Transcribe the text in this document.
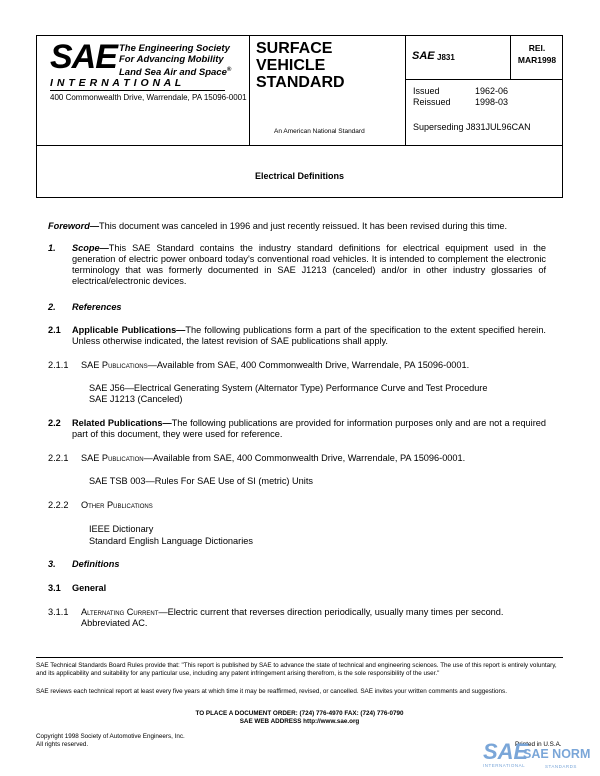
SAE The Engineering Society
For Advancing Mobility
Land Sea Air and Space®
I N T E R N A T I O N A L
400 Commonwealth Drive, Warrendale, PA 15096-0001
SURFACE
VEHICLE
STANDARD
An American National Standard
SAE J831
REI.
MAR1998
Issued	1962-06
Reissued	1998-03
Superseding J831JUL96CAN
Electrical Definitions
Foreword—This document was canceled in 1996 and just recently reissued. It has been revised during this time.
1. Scope—This SAE Standard contains the industry standard definitions for electrical equipment used in the generation of electric power onboard today's conventional road vehicles. It is intended to complement the electronic terminology that was formerly documented in SAE J1213 (canceled) and/or in other industry glossaries of electrical/electronic devices.
2. References
2.1 Applicable Publications—The following publications form a part of the specification to the extent specified herein. Unless otherwise indicated, the latest revision of SAE publications shall apply.
2.1.1 SAE Publications—Available from SAE, 400 Commonwealth Drive, Warrendale, PA 15096-0001.
SAE J56—Electrical Generating System (Alternator Type) Performance Curve and Test Procedure
SAE J1213 (Canceled)
2.2 Related Publications—The following publications are provided for information purposes only and are not a required part of this document, they were used for reference.
2.2.1 SAE Publication—Available from SAE, 400 Commonwealth Drive, Warrendale, PA 15096-0001.
SAE TSB 003—Rules For SAE Use of SI (metric) Units
2.2.2 Other Publications
IEEE Dictionary
Standard English Language Dictionaries
3. Definitions
3.1 General
3.1.1 Alternating Current—Electric current that reverses direction periodically, usually many times per second. Abbreviated AC.
SAE Technical Standards Board Rules provide that: "This report is published by SAE to advance the state of technical and engineering sciences. The use of this report is entirely voluntary, and its applicability and suitability for any particular use, including any patent infringement arising therefrom, is the sole responsibility of the user."
SAE reviews each technical report at least every five years at which time it may be reaffirmed, revised, or cancelled. SAE invites your written comments and suggestions.
TO PLACE A DOCUMENT ORDER: (724) 776-4970 FAX: (724) 776-0790
SAE WEB ADDRESS http://www.sae.org
Copyright 1998 Society of Automotive Engineers, Inc.
All rights reserved.	Printed in U.S.A.
SAE
SAE NORM
INTERNATIONAL	STANDARDS
